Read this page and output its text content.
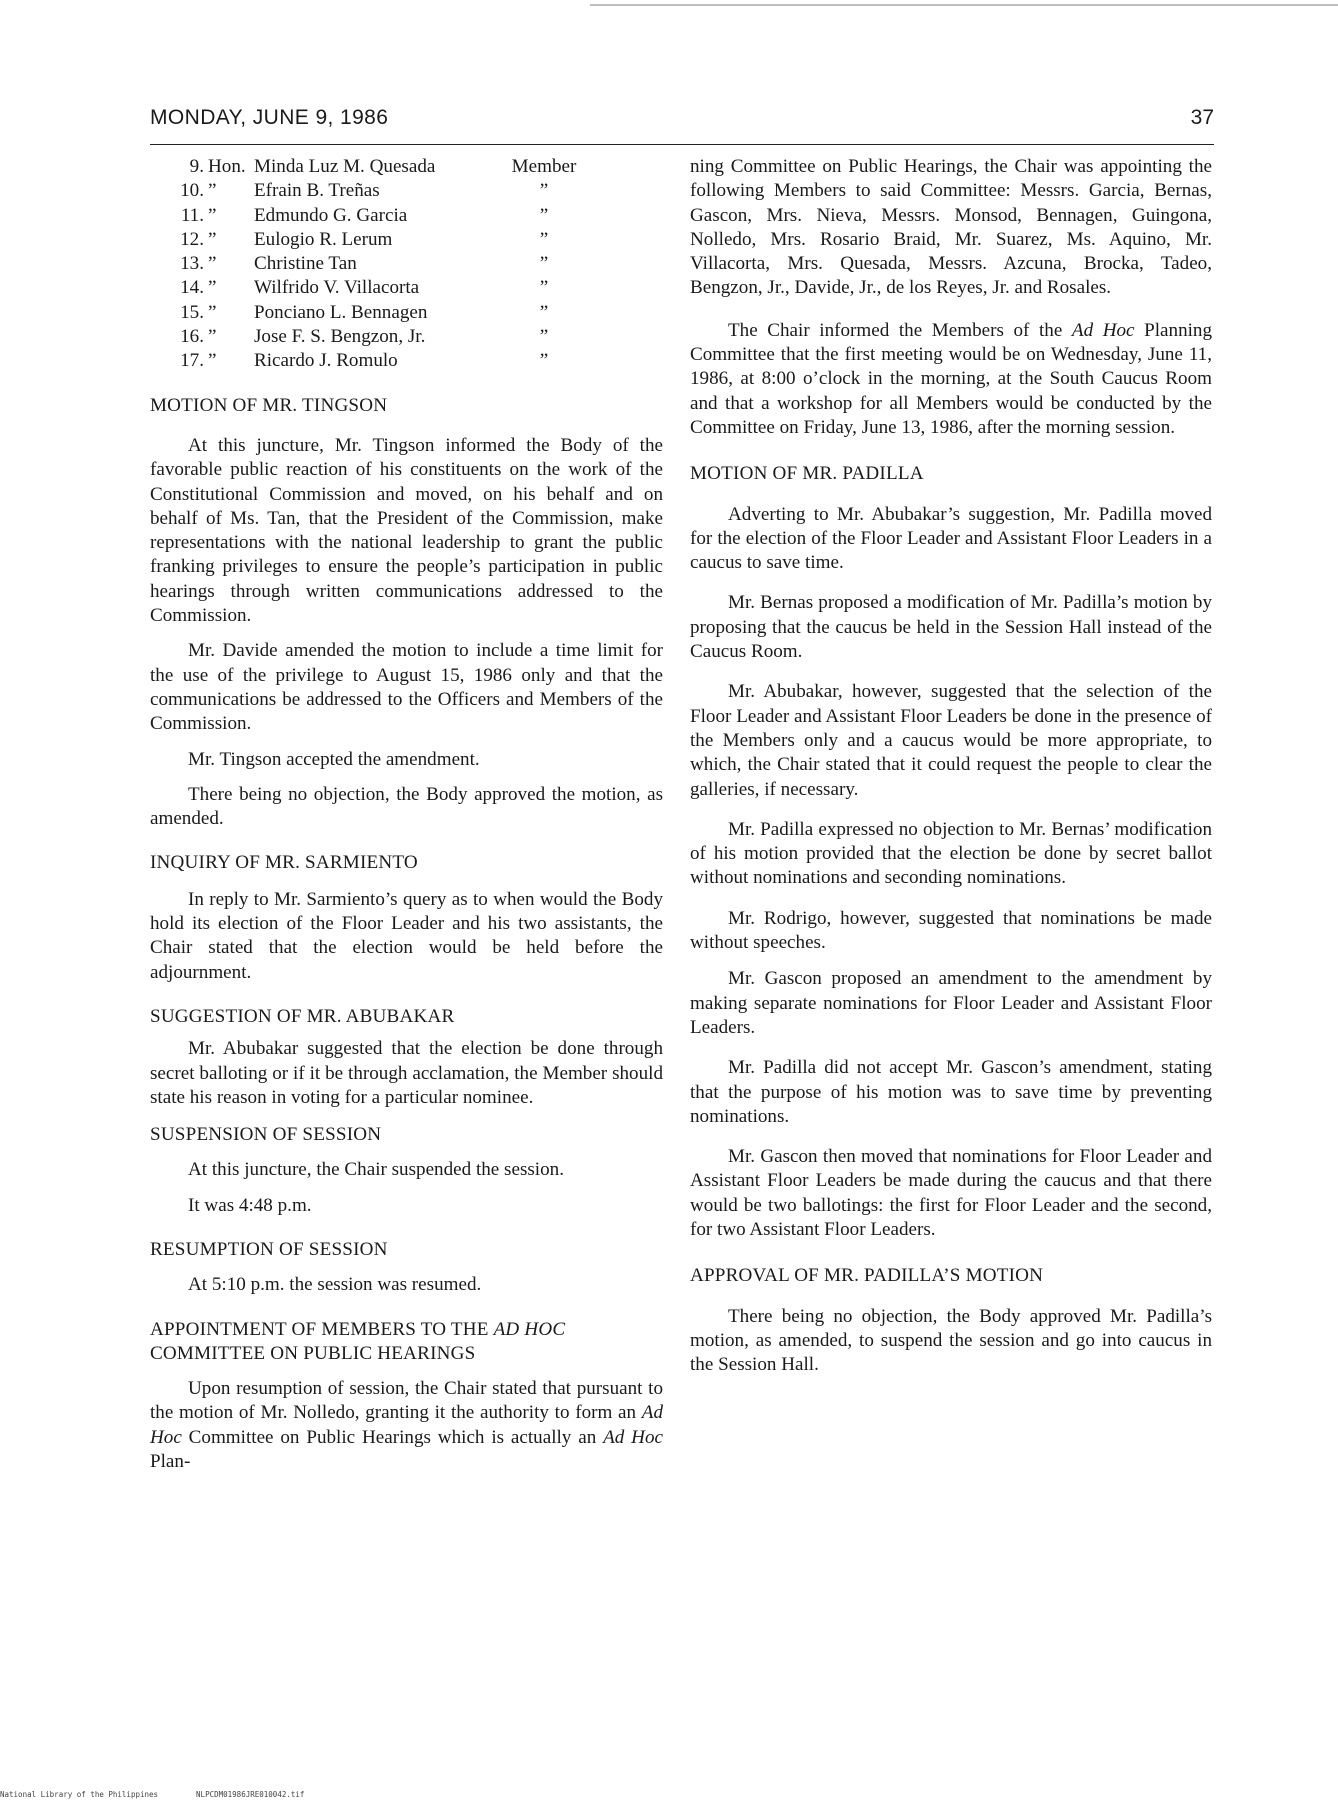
MONDAY, JUNE 9, 1986	37
9.	Hon.	Minda Luz M. Quesada	Member
10.	”	Efrain B. Treñas	”
11.	”	Edmundo G. Garcia	”
12.	”	Eulogio R. Lerum	”
13.	”	Christine Tan	”
14.	”	Wilfrido V. Villacorta	”
15.	”	Ponciano L. Bennagen	”
16.	”	Jose F. S. Bengzon, Jr.	”
17.	”	Ricardo J. Romulo	”
MOTION OF MR. TINGSON

At this juncture, Mr. Tingson informed the Body of the favorable public reaction of his constituents on the work of the Constitutional Commission and moved, on his behalf and on behalf of Ms. Tan, that the President of the Commission, make representations with the national leadership to grant the public franking privileges to ensure the people’s participation in public hearings through written communications addressed to the Commission.

Mr. Davide amended the motion to include a time limit for the use of the privilege to August 15, 1986 only and that the communications be addressed to the Officers and Members of the Commission.

Mr. Tingson accepted the amendment.

There being no objection, the Body approved the motion, as amended.

INQUIRY OF MR. SARMIENTO

In reply to Mr. Sarmiento’s query as to when would the Body hold its election of the Floor Leader and his two assistants, the Chair stated that the election would be held before the adjournment.

SUGGESTION OF MR. ABUBAKAR

Mr. Abubakar suggested that the election be done through secret balloting or if it be through acclamation, the Member should state his reason in voting for a particular nominee.

SUSPENSION OF SESSION

At this juncture, the Chair suspended the session.

It was 4:48 p.m.

RESUMPTION OF SESSION

At 5:10 p.m. the session was resumed.

APPOINTMENT OF MEMBERS TO THE AD HOC
COMMITTEE ON PUBLIC HEARINGS

Upon resumption of session, the Chair stated that pursuant to the motion of Mr. Nolledo, granting it the authority to form an Ad Hoc Committee on Public Hearings which is actually an Ad Hoc Plan-

ning Committee on Public Hearings, the Chair was appointing the following Members to said Committee: Messrs. Garcia, Bernas, Gascon, Mrs. Nieva, Messrs. Monsod, Bennagen, Guingona, Nolledo, Mrs. Rosario Braid, Mr. Suarez, Ms. Aquino, Mr. Villacorta, Mrs. Quesada, Messrs. Azcuna, Brocka, Tadeo, Bengzon, Jr., Davide, Jr., de los Reyes, Jr. and Rosales.

The Chair informed the Members of the Ad Hoc Planning Committee that the first meeting would be on Wednesday, June 11, 1986, at 8:00 o’clock in the morning, at the South Caucus Room and that a workshop for all Members would be conducted by the Committee on Friday, June 13, 1986, after the morning session.

MOTION OF MR. PADILLA

Adverting to Mr. Abubakar’s suggestion, Mr. Padilla moved for the election of the Floor Leader and Assistant Floor Leaders in a caucus to save time.

Mr. Bernas proposed a modification of Mr. Padilla’s motion by proposing that the caucus be held in the Session Hall instead of the Caucus Room.

Mr. Abubakar, however, suggested that the selection of the Floor Leader and Assistant Floor Leaders be done in the presence of the Members only and a caucus would be more appropriate, to which, the Chair stated that it could request the people to clear the galleries, if necessary.

Mr. Padilla expressed no objection to Mr. Bernas’ modification of his motion provided that the election be done by secret ballot without nominations and seconding nominations.

Mr. Rodrigo, however, suggested that nominations be made without speeches.

Mr. Gascon proposed an amendment to the amendment by making separate nominations for Floor Leader and Assistant Floor Leaders.

Mr. Padilla did not accept Mr. Gascon’s amendment, stating that the purpose of his motion was to save time by preventing nominations.

Mr. Gascon then moved that nominations for Floor Leader and Assistant Floor Leaders be made during the caucus and that there would be two ballotings: the first for Floor Leader and the second, for two Assistant Floor Leaders.

APPROVAL OF MR. PADILLA’S MOTION

There being no objection, the Body approved Mr. Padilla’s motion, as amended, to suspend the session and go into caucus in the Session Hall.

National Library of the Philippines	NLPCDM01986JRE010042.tif
